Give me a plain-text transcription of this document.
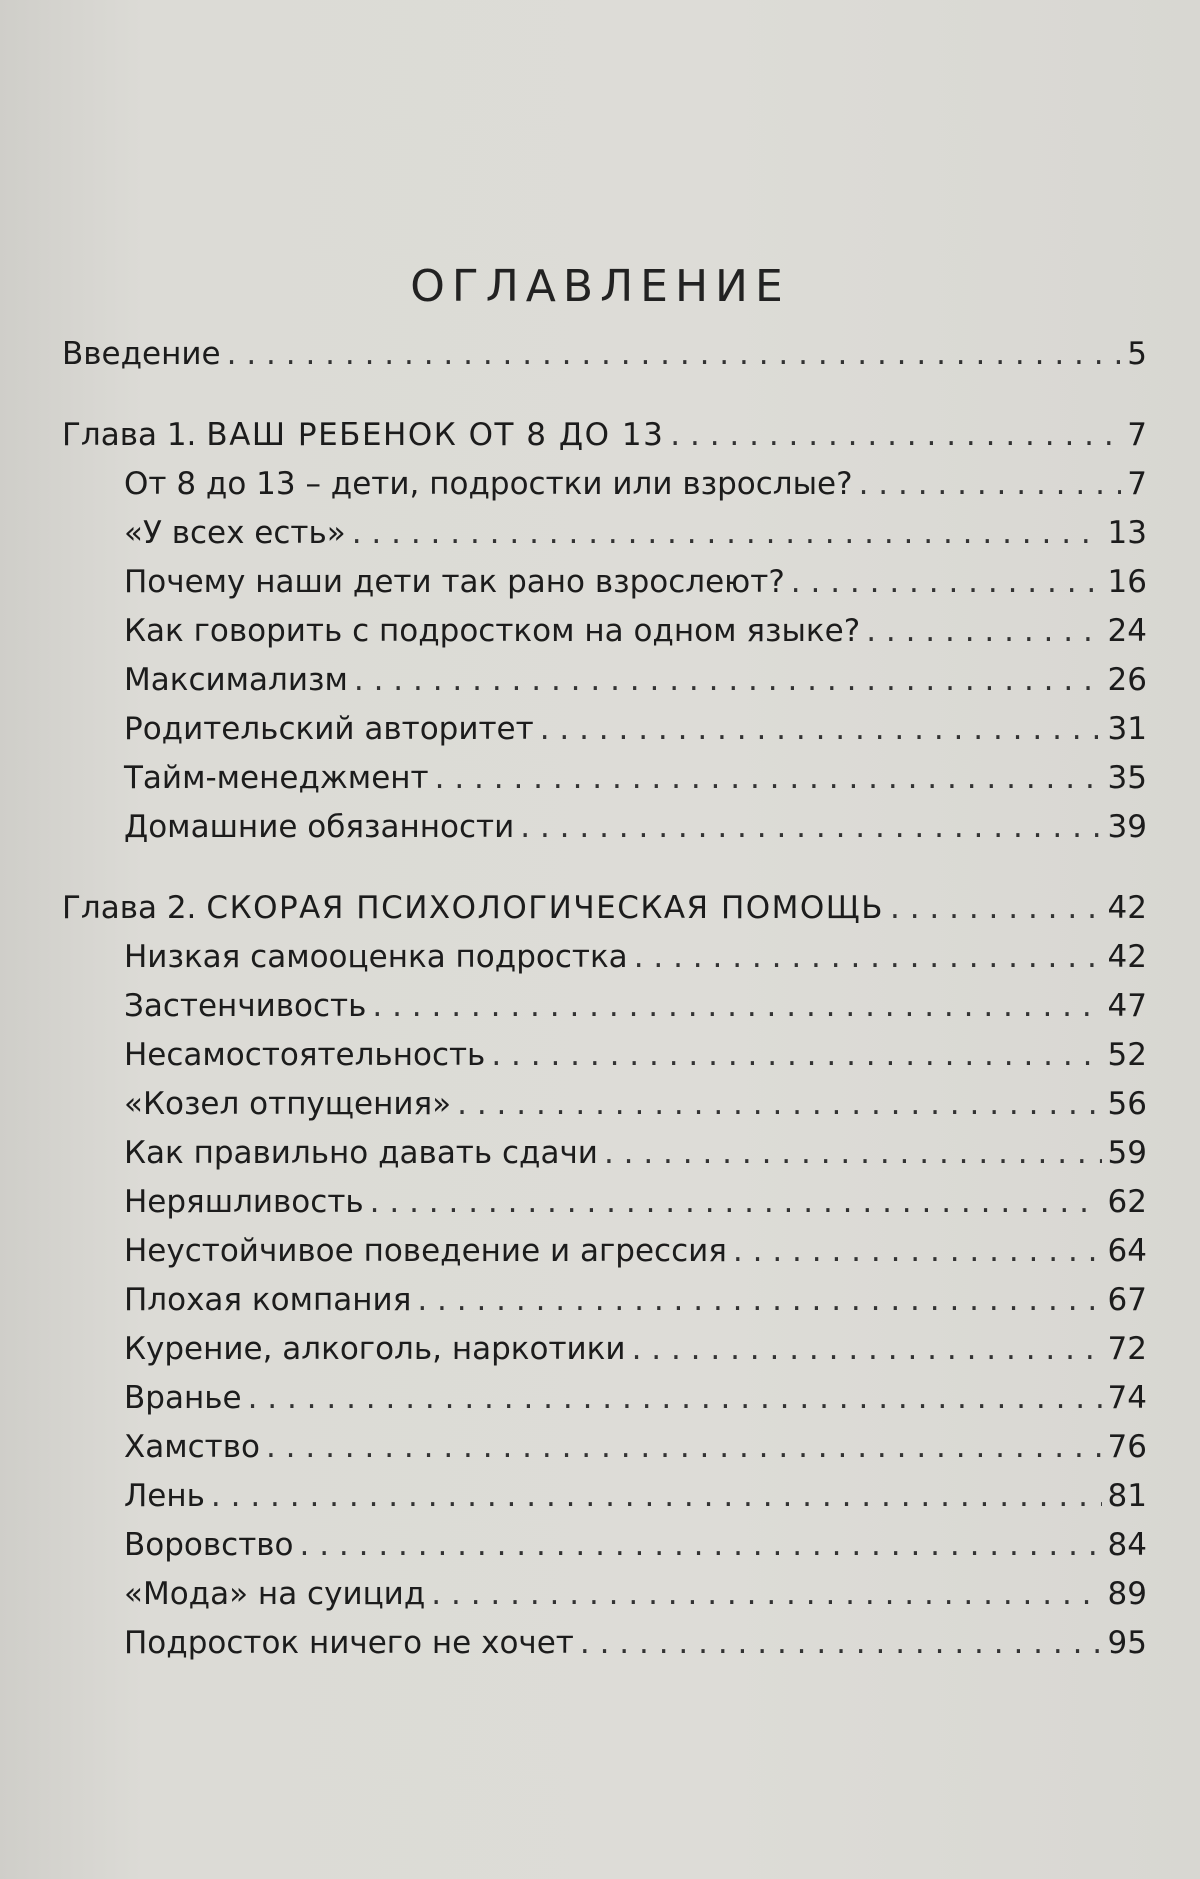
ОГЛАВЛЕНИЕ
Введение . . .	5
Глава 1. ВАШ РЕБЕНОК ОТ 8 ДО 13 . . .	7
От 8 до 13 – дети, подростки или взрослые? . . .	7
«У всех есть» . . .	13
Почему наши дети так рано взрослеют? . . .	16
Как говорить с подростком на одном языке? . . .	24
Максимализм . . .	26
Родительский авторитет . . .	31
Тайм-менеджмент . . .	35
Домашние обязанности . . .	39
Глава 2. СКОРАЯ ПСИХОЛОГИЧЕСКАЯ ПОМОЩЬ . . .	42
Низкая самооценка подростка . . .	42
Застенчивость . . .	47
Несамостоятельность . . .	52
«Козел отпущения» . . .	56
Как правильно давать сдачи . . .	59
Неряшливость . . .	62
Неустойчивое поведение и агрессия . . .	64
Плохая компания . . .	67
Курение, алкоголь, наркотики . . .	72
Вранье . . .	74
Хамство . . .	76
Лень . . .	81
Воровство . . .	84
«Мода» на суицид . . .	89
Подросток ничего не хочет . . .	95
